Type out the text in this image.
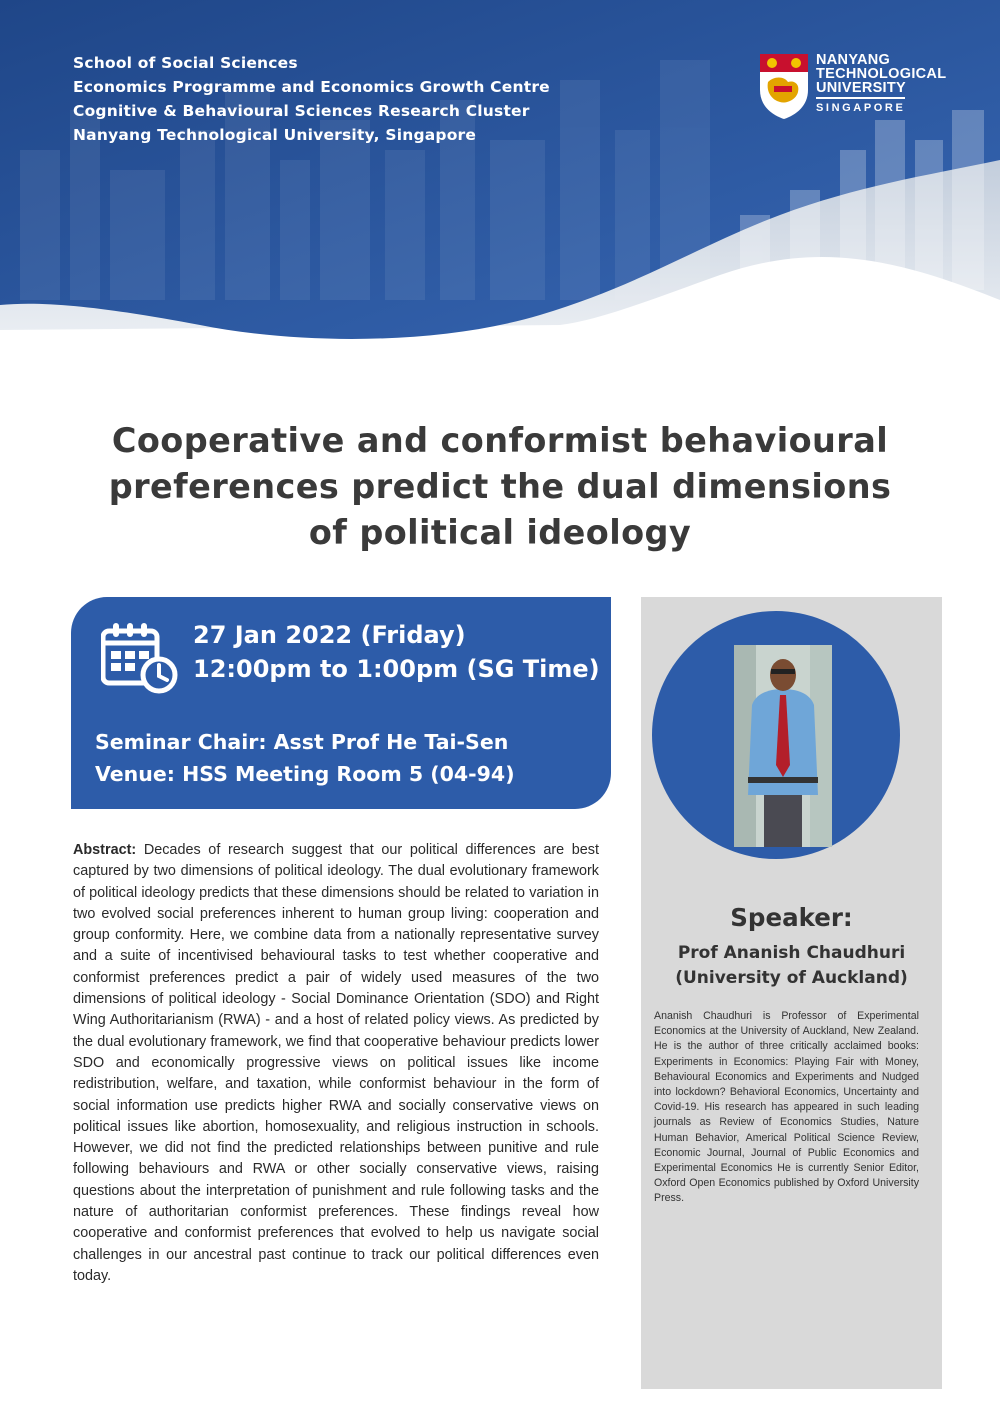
School of Social Sciences
Economics Programme and Economics Growth Centre
Cognitive & Behavioural Sciences Research Cluster
Nanyang Technological University, Singapore
NANYANG
TECHNOLOGICAL
UNIVERSITY
SINGAPORE
Cooperative and conformist behavioural
preferences predict the dual dimensions
of political ideology
27 Jan 2022 (Friday)
12:00pm to 1:00pm (SG Time)
Seminar Chair: Asst Prof He Tai-Sen
Venue: HSS Meeting Room 5 (04-94)
Abstract: Decades of research suggest that our political differences are best captured by two dimensions of political ideology. The dual evolutionary framework of political ideology predicts that these dimensions should be related to variation in two evolved social preferences inherent to human group living: cooperation and group conformity. Here, we combine data from a nationally representative survey and a suite of incentivised behavioural tasks to test whether cooperative and conformist preferences predict a pair of widely used measures of the two dimensions of political ideology - Social Dominance Orientation (SDO) and Right Wing Authoritarianism (RWA) - and a host of related policy views. As predicted by the dual evolutionary framework, we find that cooperative behaviour predicts lower SDO and economically progressive views on political issues like income redistribution, welfare, and taxation, while conformist behaviour in the form of social information use predicts higher RWA and socially conservative views on political issues like abortion, homosexuality, and religious instruction in schools. However, we did not find the predicted relationships between punitive and rule following behaviours and RWA or other socially conservative views, raising questions about the interpretation of punishment and rule following tasks and the nature of authoritarian conformist preferences. These findings reveal how cooperative and conformist preferences that evolved to help us navigate social challenges in our ancestral past continue to track our political differences even today.
Speaker:
Prof Ananish Chaudhuri
(University of Auckland)
Ananish Chaudhuri is Professor of Experimental Economics at the University of Auckland, New Zealand. He is the author of three critically acclaimed books: Experiments in Economics: Playing Fair with Money, Behavioural Economics and Experiments and Nudged into lockdown? Behavioral Economics, Uncertainty and Covid-19. His research has appeared in such leading journals as Review of Economics Studies, Nature Human Behavior, Americal Political Science Review, Economic Journal, Journal of Public Economics and Experimental Economics He is currently Senior Editor, Oxford Open Economics published by Oxford University Press.
